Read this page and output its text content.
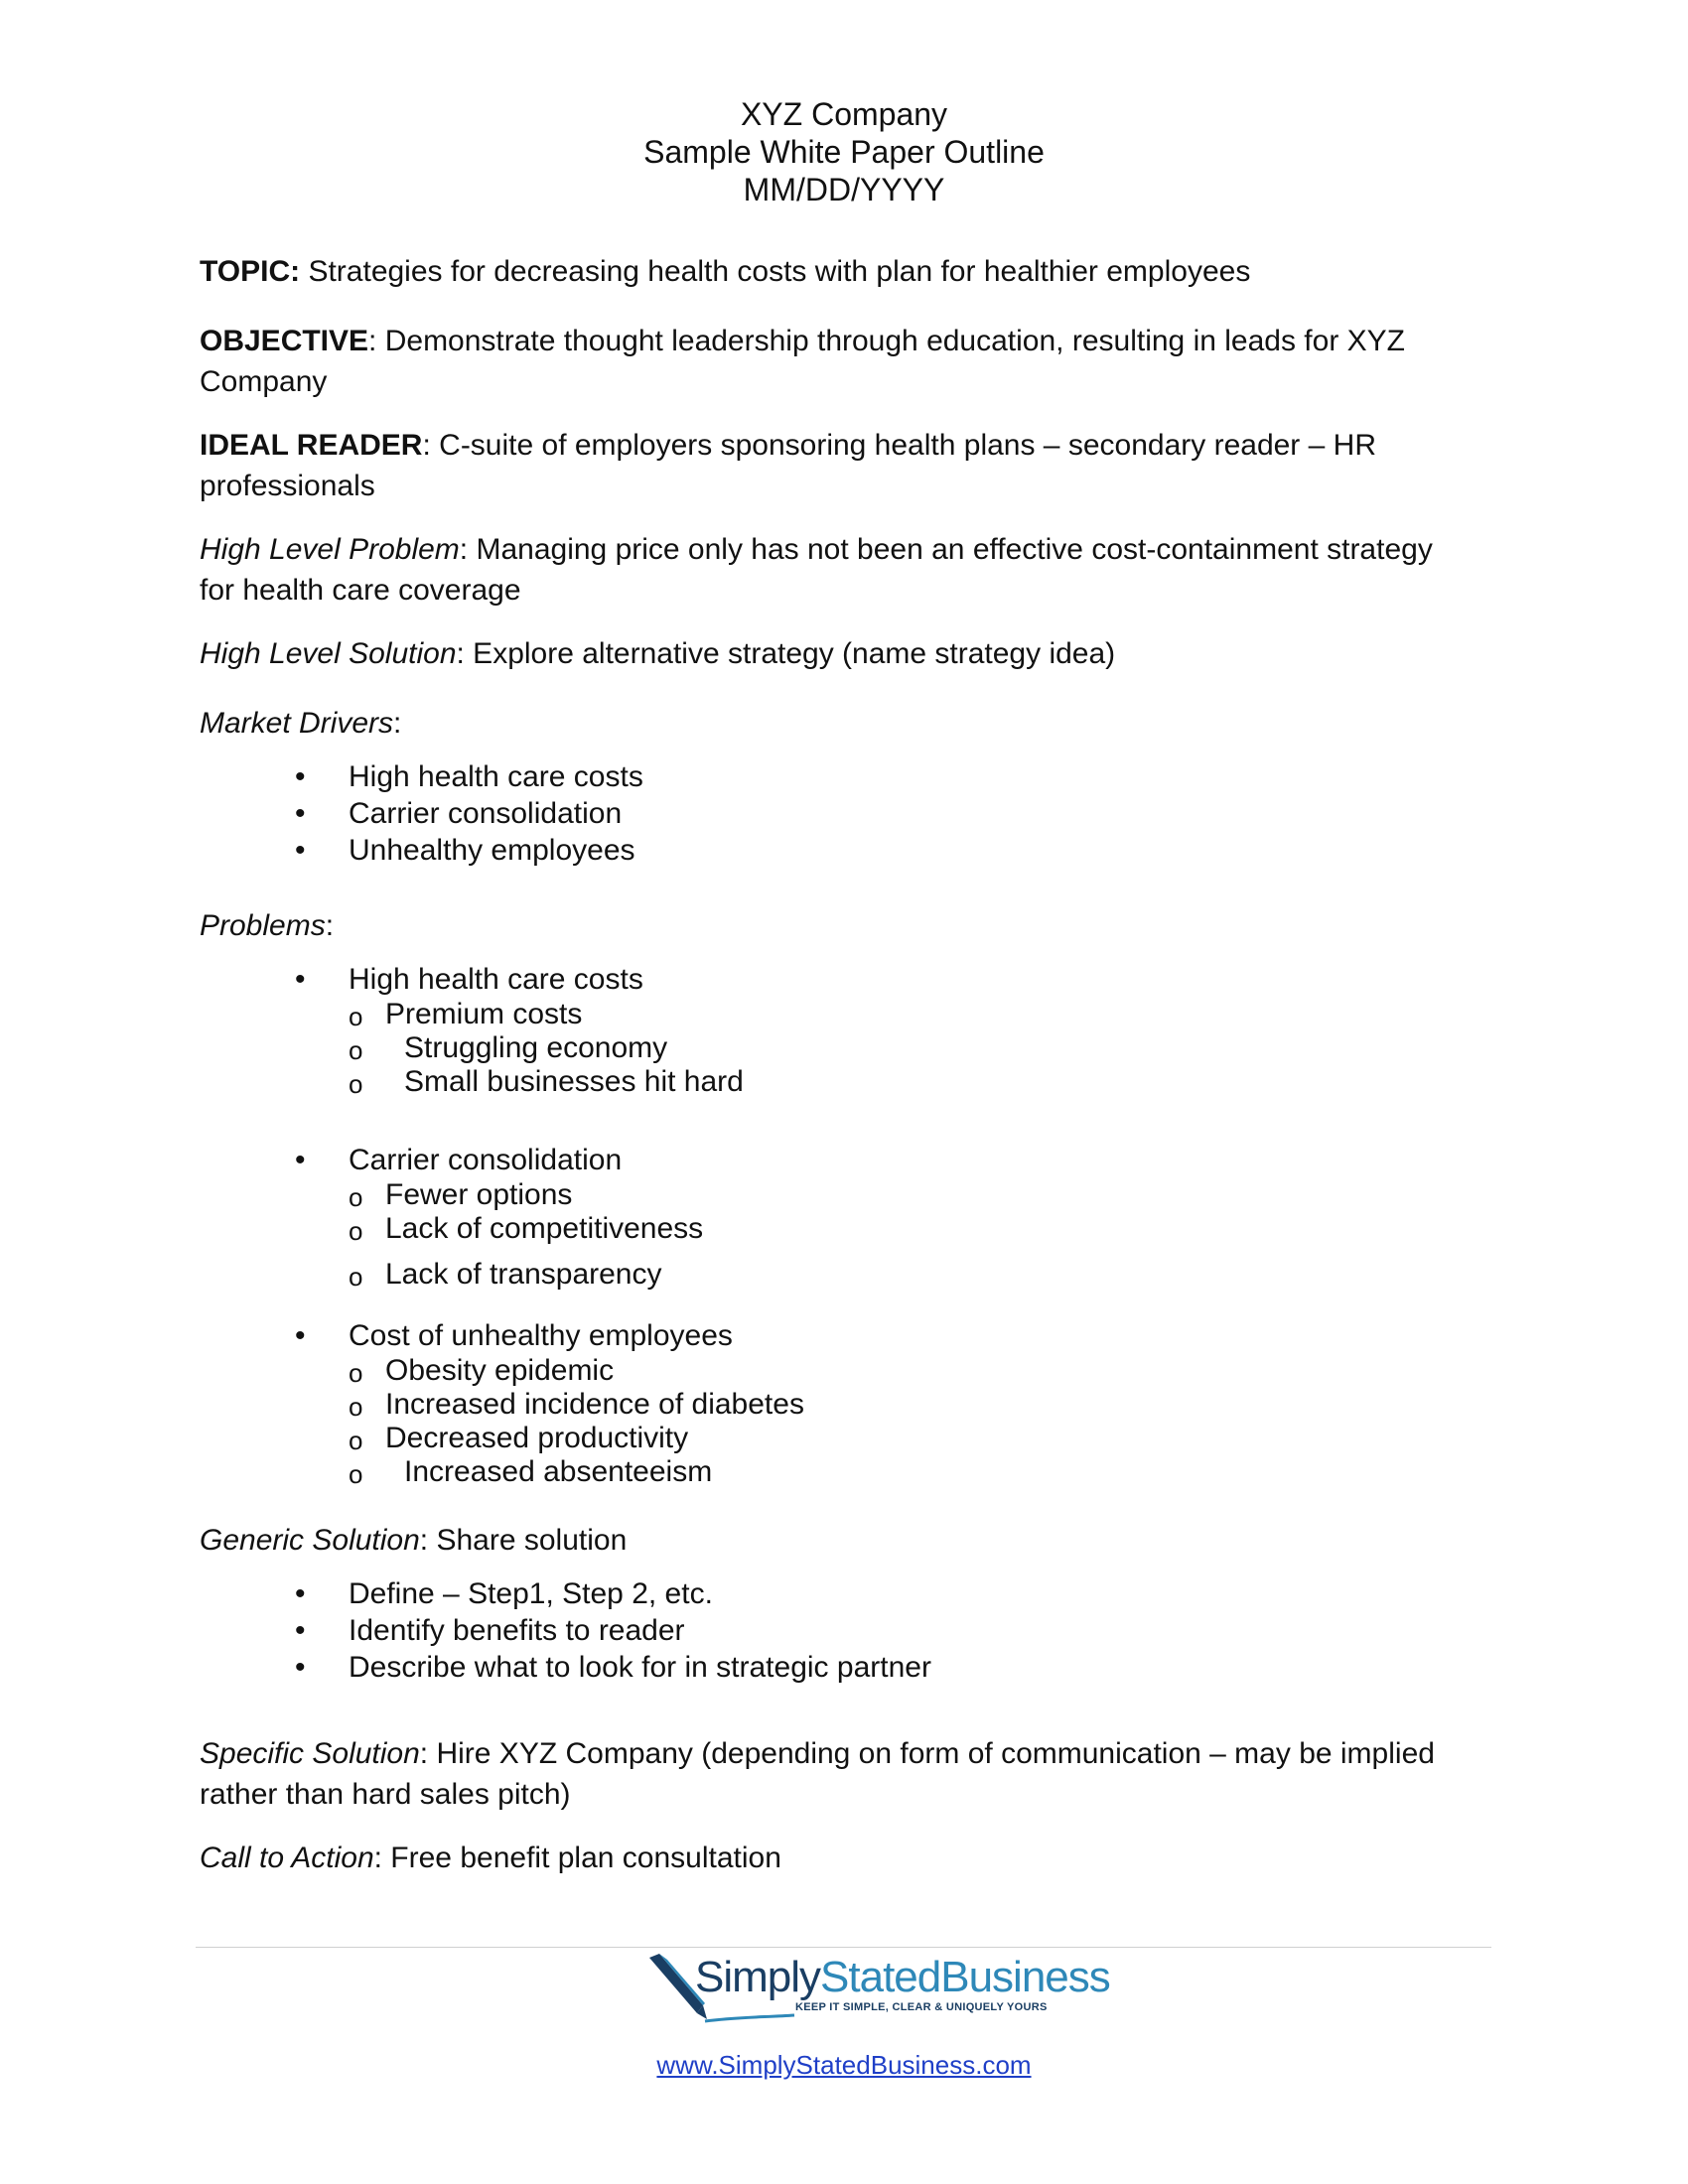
XYZ Company
Sample White Paper Outline
MM/DD/YYYY
TOPIC: Strategies for decreasing health costs with plan for healthier employees
OBJECTIVE: Demonstrate thought leadership through education, resulting in leads for XYZ
Company
IDEAL READER: C-suite of employers sponsoring health plans – secondary reader – HR
professionals
High Level Problem: Managing price only has not been an effective cost-containment strategy
for health care coverage
High Level Solution: Explore alternative strategy (name strategy idea)
Market Drivers:
• High health care costs
• Carrier consolidation
• Unhealthy employees
Problems:
• High health care costs
o Premium costs
o Struggling economy
o Small businesses hit hard
• Carrier consolidation
o Fewer options
o Lack of competitiveness
o Lack of transparency
• Cost of unhealthy employees
o Obesity epidemic
o Increased incidence of diabetes
o Decreased productivity
o Increased absenteeism
Generic Solution: Share solution
• Define – Step1, Step 2, etc.
• Identify benefits to reader
• Describe what to look for in strategic partner
Specific Solution: Hire XYZ Company (depending on form of communication – may be implied
rather than hard sales pitch)
Call to Action: Free benefit plan consultation
SimplyStatedBusiness
KEEP IT SIMPLE, CLEAR & UNIQUELY YOURS
www.SimplyStatedBusiness.com
